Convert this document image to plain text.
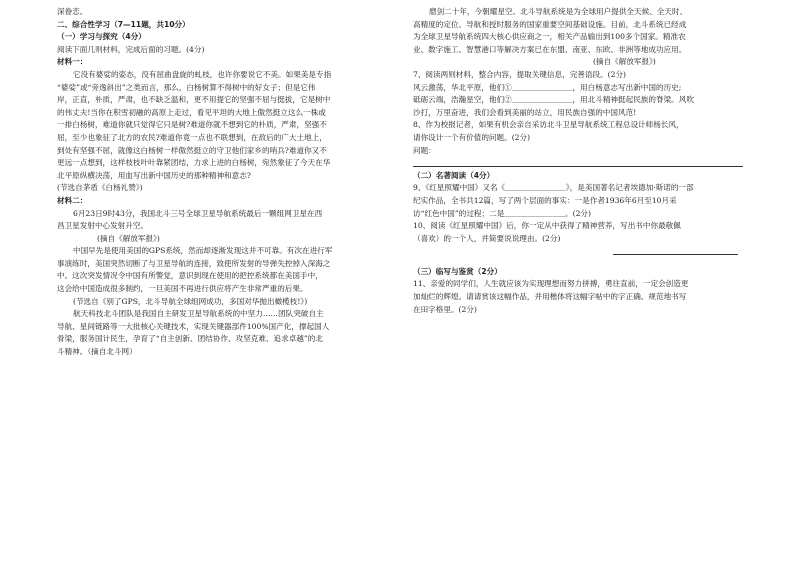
深眷恋。
二、综合性学习（7—11题，共10分）
（一）学习与探究（4分）
阅读下面几则材料，完成后面的习题。(4分)
材料一：
它没有婆娑的姿态，没有屈曲盘旋的虬枝，也许你要说它不美。如果美是专指
“婆娑”或“旁逸斜出”之类而言，那么，白杨树算不得树中的好女子；但是它伟
岸，正直，朴质，严肃，也不缺乏温和，更不用提它的坚强不屈与挺拔，它是树中
的伟丈夫!当你在积雪初融的高原上走过，看见平坦的大地上傲然挺立这么一株或
一排白杨树，难道你就只觉得它只是树?难道你就不想到它的朴质，严肃，坚强不
屈，至少也象征了北方的农民?难道你竟一点也不联想到，在敌后的广大土地上，
到处有坚强不屈，就像这白杨树一样傲然挺立的守卫他们家乡的哨兵?难道你又不
更远一点想到，这样枝枝叶叶靠紧团结，力求上进的白杨树，宛然象征了今天在华
北平原纵横决荡，用血写出新中国历史的那种精神和意志?
(节选自茅盾《白杨礼赞》)
材料二：
6月23日9时43分，我国北斗三号全球卫星导航系统最后一颗组网卫星在西
昌卫星发射中心发射升空。
(摘自《解放军报》)
中国早先是使用美国的GPS系统，然而却逐渐发现这并不可靠。有次在进行军
事演练时，美国突然切断了与卫星导航的连接，致使所发射的导弹失控掉入深海之
中。这次突发情况令中国有所警觉，意识到现在使用的把控系统都在美国手中，
这会给中国造成很多制约，一旦美国不再进行供应将产生非常严重的后果。
(节选自《别了GPS，北斗导航全球组网成功，多国对华抛出橄榄枝!》)
航天科技北斗团队是我国自主研发卫星导航系统的中坚力……团队突破自主
导航、星间链路等一大批核心关键技术，实现关键器部件100%国产化，撑起国人
骨梁，服务国计民生，孕育了“自主创新、团结协作、攻坚克难、追求卓越”的北
斗精神。（摘自北斗网）
磨剑二十年，今朝耀星空。北斗导航系统是为全球用户提供全天候、全天时、
高精度的定位、导航和授时服务的国家重要空间基础设施。目前，北斗系统已经成
为全球卫星导航系统四大核心供应商之一，相关产品输出到100多个国家。精准农
业、数字施工、智慧港口等解决方案已在东盟、南亚、东欧、非洲等地成功应用。
(摘自《解放军报》)
7、阅读两则材料，整合内容，提取关键信息，完善语段。(2分)
风云激荡，华北平原，他们①＿＿＿＿＿＿＿＿，用白杨意志写出新中国的历史;
砥砺云端，浩瀚星空，他们②＿＿＿＿＿＿＿＿，用北斗精神挺起民族的脊梁。风吹
沙打，万里奋进，我们会看到美丽的站立，用民族自强的中国风范!
8、作为校报记者，如果有机会亲自采访北斗卫星导航系统工程总设计师杨长风，
请你设计一个有价值的问题。(2分)
问题：
（二）名著阅读（4分）
9、《红星照耀中国》又名《＿＿＿＿＿＿＿＿》，是美国著名记者埃德加·斯诺的一部
纪实作品，全书共12篇，写了两个层面的事实：一是作者1936年6月至10月采
访“红色中国”的过程；二是＿＿＿＿＿＿＿＿。(2分)
10、阅读《红星照耀中国》后，你一定从中获得了精神营养，写出书中你最敬佩
（喜欢）的一个人，并简要说说理由。(2分)
（三）临写与鉴赏（2分）
11、亲爱的同学们，人生就应该为实现理想而努力拼搏，勇往直前，一定会创造更
加灿烂的辉煌。请请赏该这幅作品，并用楷体将这幅字帖中的字正确、规范地书写
在田字格里。(2分)
